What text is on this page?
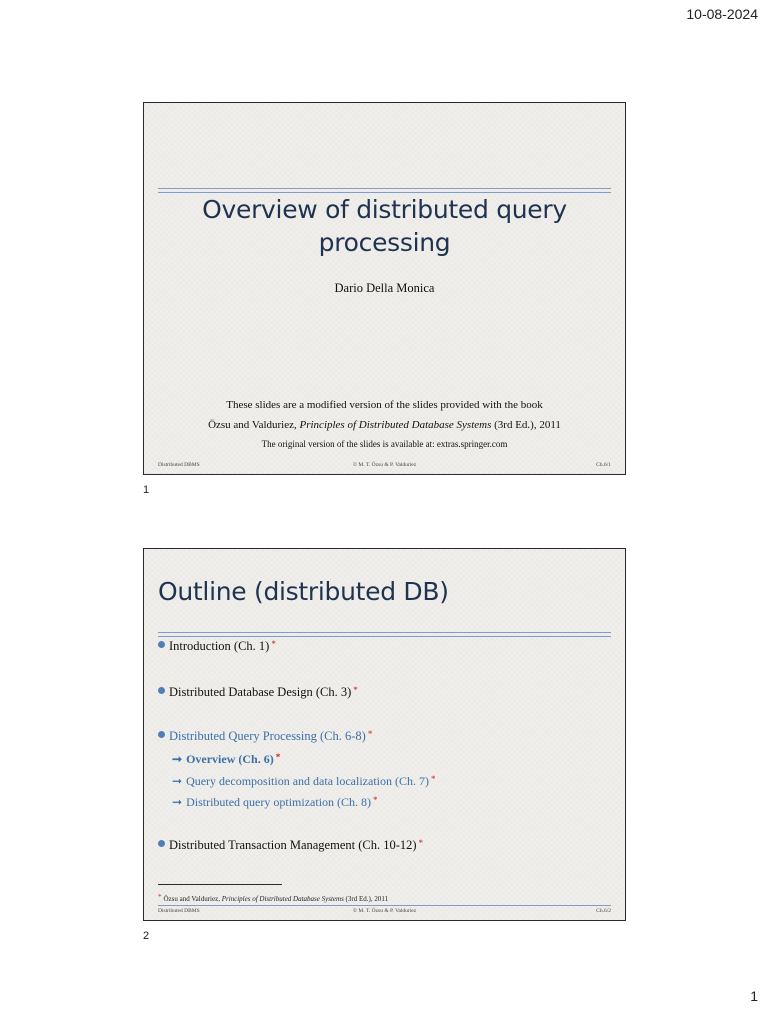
10-08-2024
Overview of distributed query processing
Dario Della Monica
These slides are a modified version of the slides provided with the book
Özsu and Valduriez, Principles of Distributed Database Systems (3rd Ed.), 2011
The original version of the slides is available at: extras.springer.com
Distributed DBMS	© M. T. Özsu & P. Valduriez	Ch.6/1
1
Outline (distributed DB)
Introduction (Ch. 1) *
Distributed Database Design (Ch. 3) *
Distributed Query Processing (Ch. 6-8) *
➞ Overview (Ch. 6) *
➞ Query decomposition and data localization (Ch. 7) *
➞ Distributed query optimization (Ch. 8) *
Distributed Transaction Management (Ch. 10-12) *
* Özsu and Valduriez, Principles of Distributed Database Systems (3rd Ed.), 2011
Distributed DBMS	© M. T. Özsu & P. Valduriez	Ch.6/2
2
1
